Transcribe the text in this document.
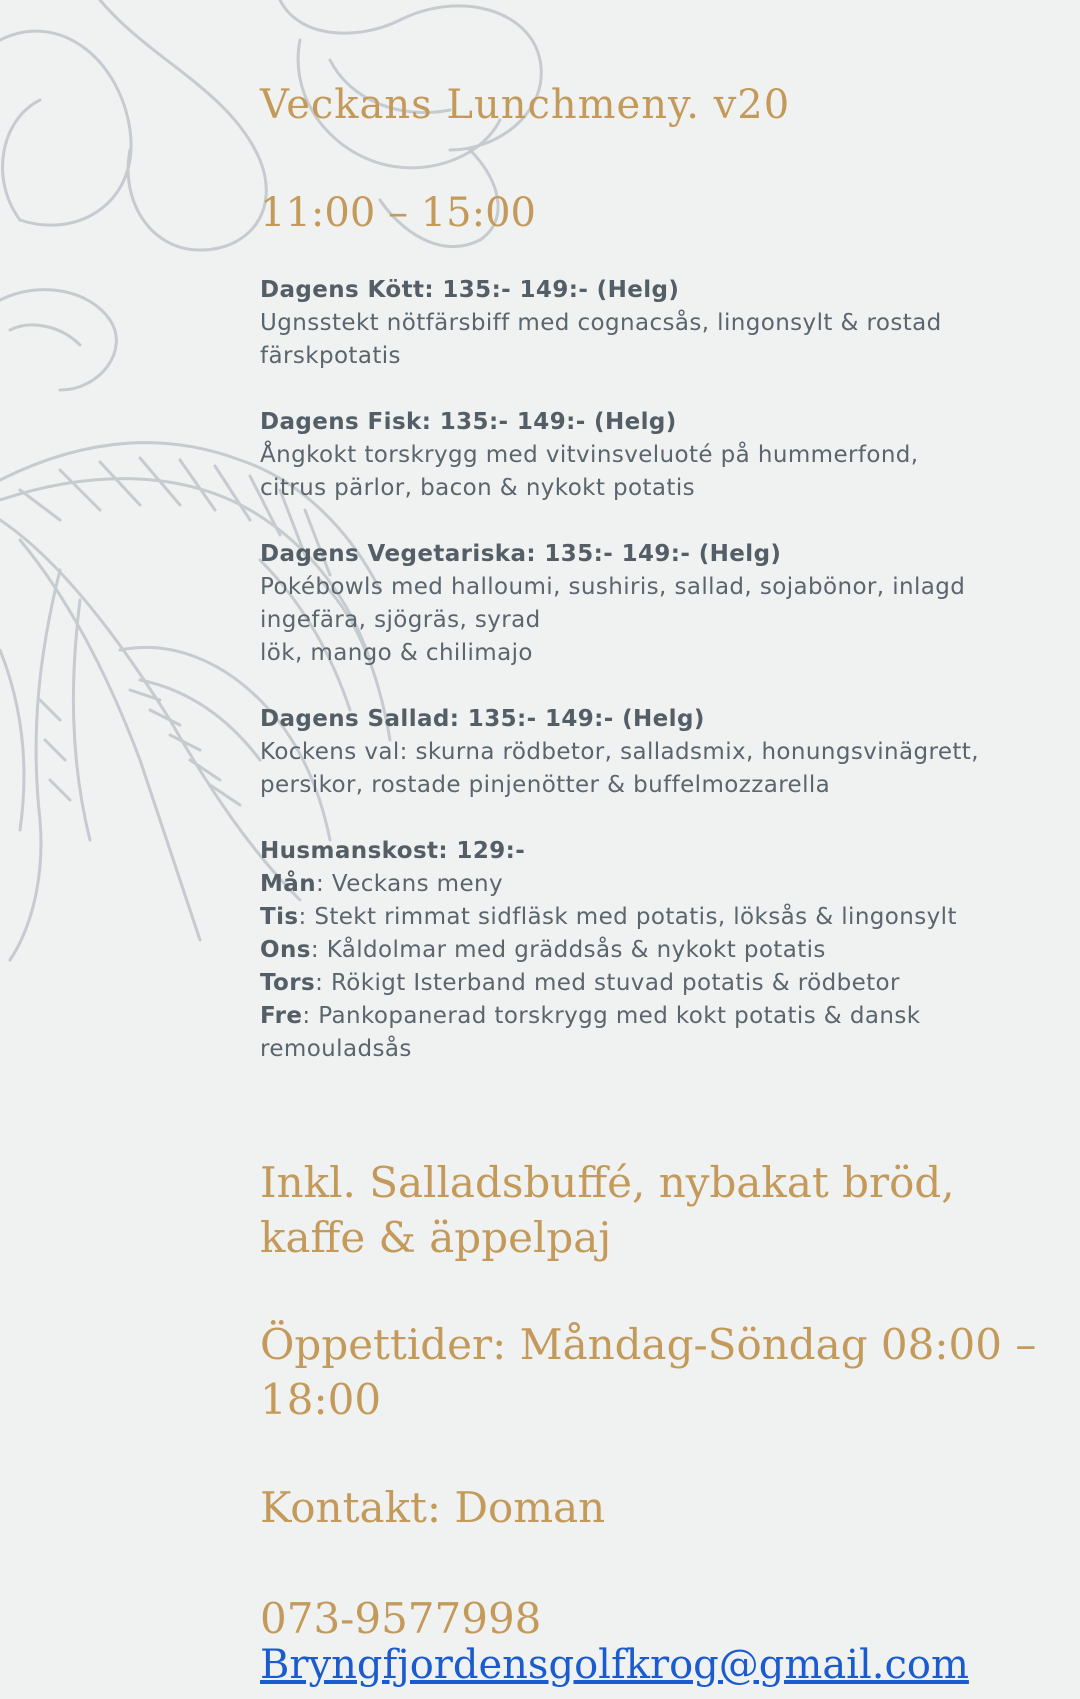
Veckans Lunchmeny. v20
11:00 – 15:00
Dagens Kött: 135:- 149:- (Helg)
Ugnsstekt nötfärsbiff med cognacsås, lingonsylt & rostad färskpotatis
Dagens Fisk: 135:- 149:- (Helg)
Ångkokt torskrygg med vitvinsveluoté på hummerfond, citrus pärlor, bacon & nykokt potatis
Dagens Vegetariska: 135:- 149:- (Helg)
Pokébowls med halloumi, sushiris, sallad, sojabönor, inlagd ingefära, sjögräs, syrad
lök, mango & chilimajo
Dagens Sallad: 135:- 149:- (Helg)
Kockens val: skurna rödbetor, salladsmix, honungsvinägrett, persikor, rostade pinjenötter & buffelmozzarella
Husmanskost: 129:-
Mån: Veckans meny
Tis: Stekt rimmat sidfläsk med potatis, löksås & lingonsylt
Ons: Kåldolmar med gräddsås & nykokt potatis
Tors: Rökigt Isterband med stuvad potatis & rödbetor
Fre: Pankopanerad torskrygg med kokt potatis & dansk remouladsås

Inkl. Salladsbuffé, nybakat bröd, kaffe & äppelpaj

Öppettider: Måndag-Söndag 08:00 – 18:00

Kontakt: Doman

073-9577998

Bryngfjordensgolfkrog@gmail.com
